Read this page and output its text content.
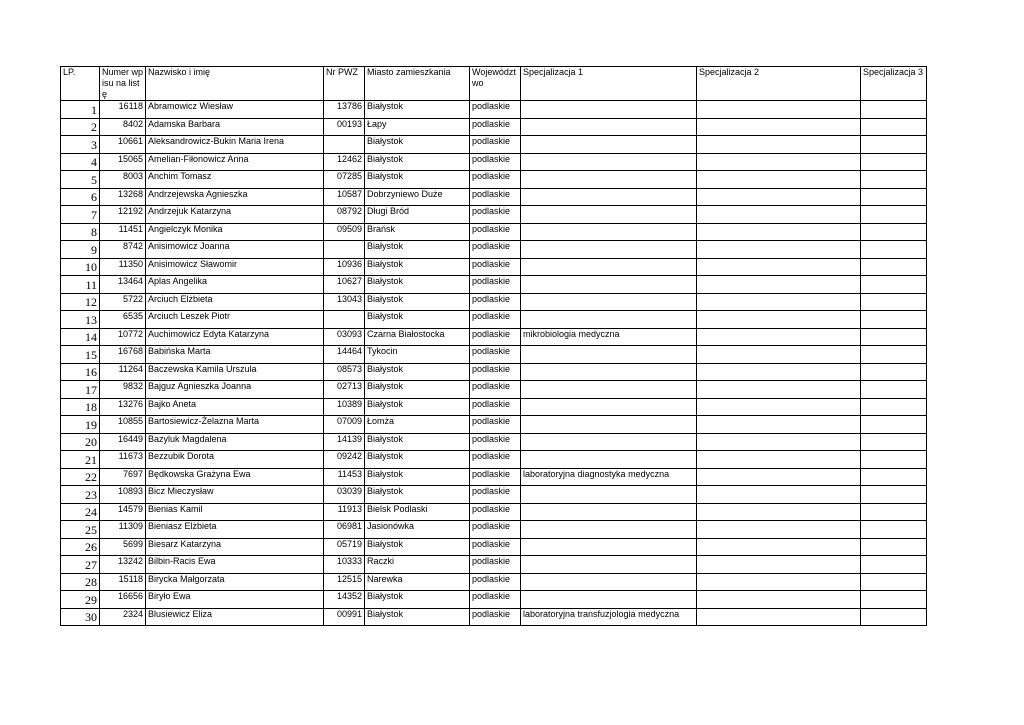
LP.	Numer wpisu na listę	Nazwisko i imię	Nr PWZ	Miasto zamieszkania	Województwo	Specjalizacja 1	Specjalizacja 2	Specjalizacja 3
1	16118	Abramowicz Wiesław	13786	Białystok	podlaskie			
2	8402	Adamska Barbara	00193	Łapy	podlaskie			
3	10661	Aleksandrowicz-Bukin Maria Irena		Białystok	podlaskie			
4	15065	Amelian-Fiłonowicz Anna	12462	Białystok	podlaskie			
5	8003	Anchim Tomasz	07285	Białystok	podlaskie			
6	13268	Andrzejewska Agnieszka	10587	Dobrzyniewo Duże	podlaskie			
7	12192	Andrzejuk Katarzyna	08792	Długi Bród	podlaskie			
8	11451	Angielczyk Monika	09509	Brańsk	podlaskie			
9	8742	Anisimowicz Joanna		Białystok	podlaskie			
10	11350	Anisimowicz Sławomir	10936	Białystok	podlaskie			
11	13464	Aplas Angelika	10627	Białystok	podlaskie			
12	5722	Arciuch Elżbieta	13043	Białystok	podlaskie			
13	6535	Arciuch Leszek Piotr		Białystok	podlaskie			
14	10772	Auchimowicz Edyta Katarzyna	03093	Czarna Białostocka	podlaskie	mikrobiologia medyczna		
15	16768	Babińska Marta	14464	Tykocin	podlaskie			
16	11264	Baczewska Kamila Urszula	08573	Białystok	podlaskie			
17	9832	Bajguz Agnieszka Joanna	02713	Białystok	podlaskie			
18	13276	Bajko Aneta	10389	Białystok	podlaskie			
19	10855	Bartosiewicz-Żelazna Marta	07009	Łomża	podlaskie			
20	16449	Bazyluk Magdalena	14139	Białystok	podlaskie			
21	11673	Bezzubik Dorota	09242	Białystok	podlaskie			
22	7697	Będkowska Grażyna Ewa	11453	Białystok	podlaskie	laboratoryjna diagnostyka medyczna		
23	10893	Bicz Mieczysław	03039	Białystok	podlaskie			
24	14579	Bienias Kamil	11913	Bielsk Podlaski	podlaskie			
25	11309	Bieniasz Elżbieta	06981	Jasionówka	podlaskie			
26	5699	Biesarz Katarzyna	05719	Białystok	podlaskie			
27	13242	Bilbin-Racis Ewa	10333	Raczki	podlaskie			
28	15118	Birycka Małgorzata	12515	Narewka	podlaskie			
29	16656	Biryło Ewa	14352	Białystok	podlaskie			
30	2324	Blusiewicz Eliza	00991	Białystok	podlaskie	laboratoryjna transfuzjologia medyczna		
